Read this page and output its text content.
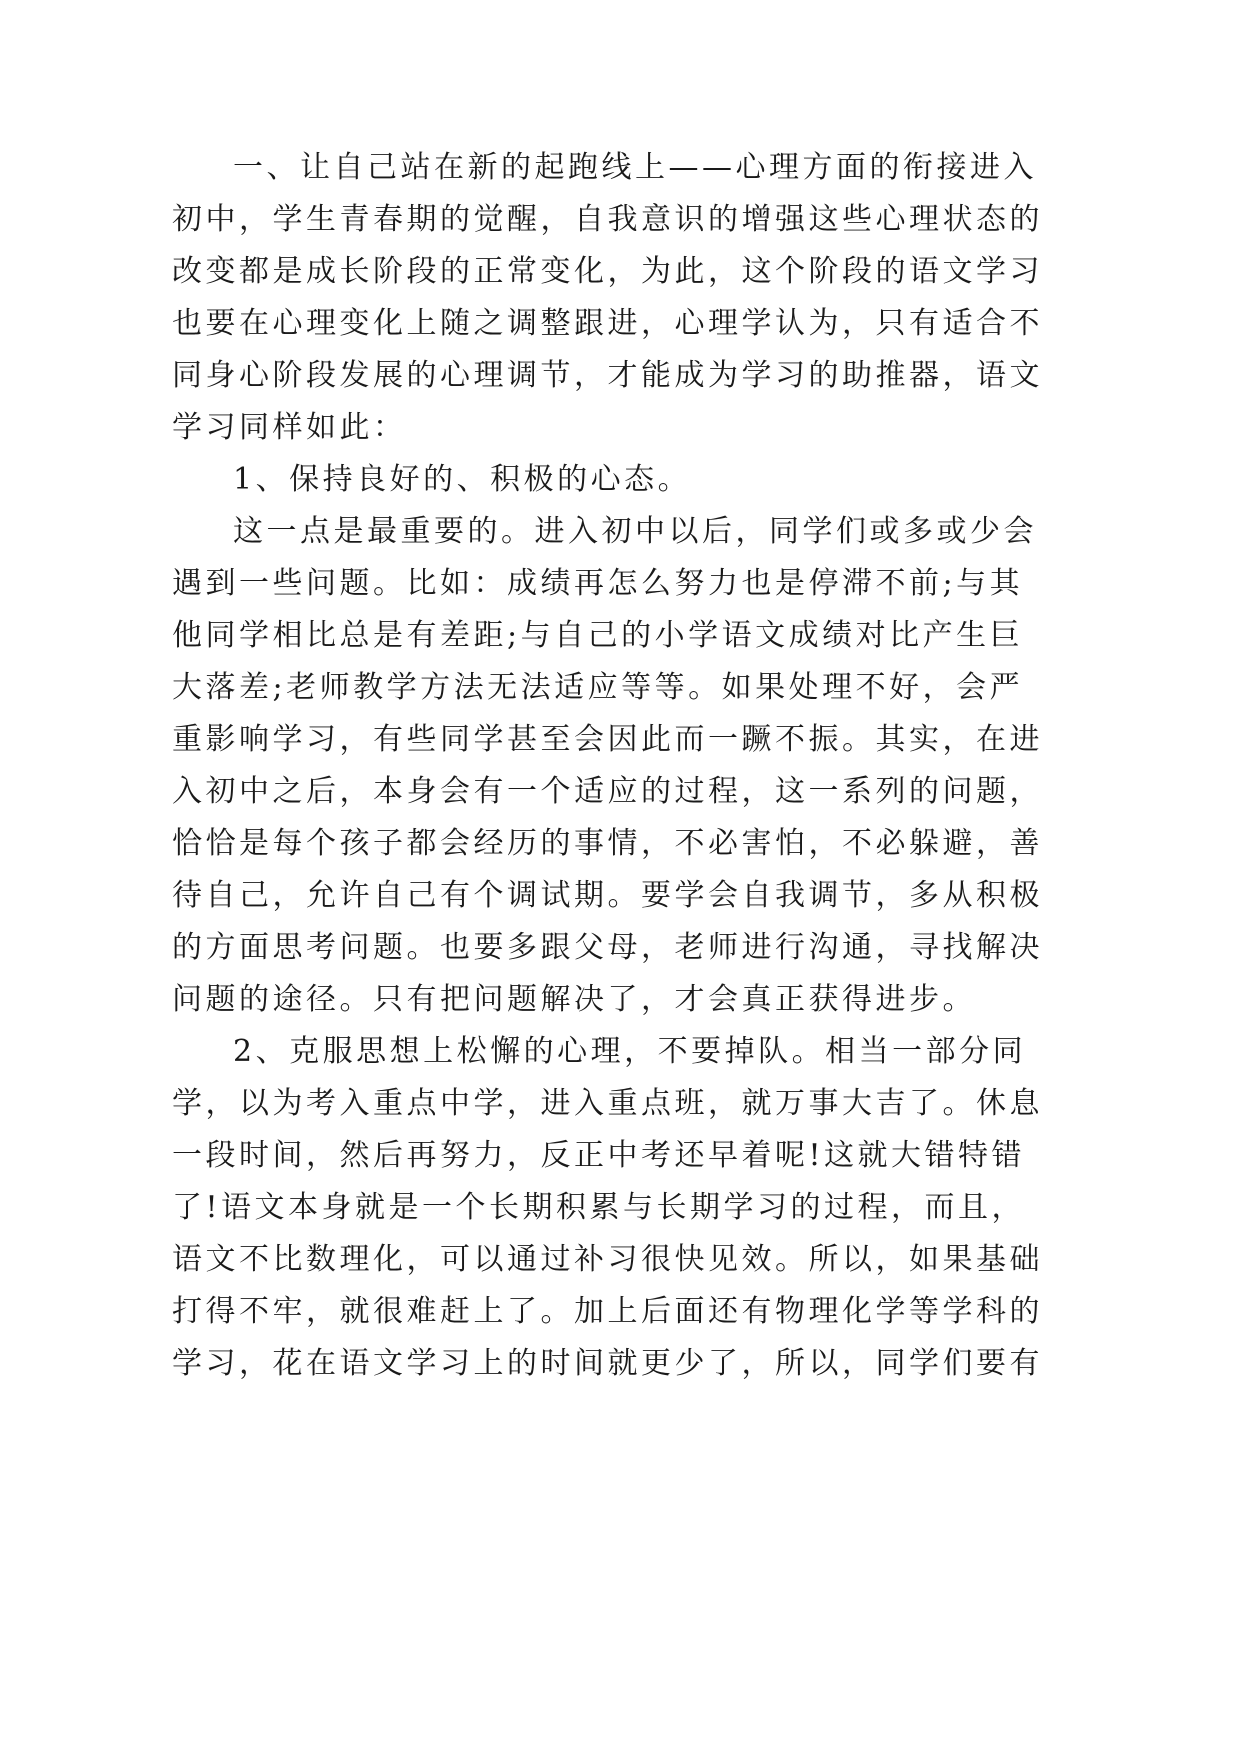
一、让自己站在新的起跑线上——心理方面的衔接进入
初中，学生青春期的觉醒，自我意识的增强这些心理状态的
改变都是成长阶段的正常变化，为此，这个阶段的语文学习
也要在心理变化上随之调整跟进，心理学认为，只有适合不
同身心阶段发展的心理调节，才能成为学习的助推器，语文
学习同样如此：
1、保持良好的、积极的心态。
这一点是最重要的。进入初中以后，同学们或多或少会
遇到一些问题。比如：成绩再怎么努力也是停滞不前;与其
他同学相比总是有差距;与自己的小学语文成绩对比产生巨
大落差;老师教学方法无法适应等等。如果处理不好，会严
重影响学习，有些同学甚至会因此而一蹶不振。其实，在进
入初中之后，本身会有一个适应的过程，这一系列的问题，
恰恰是每个孩子都会经历的事情，不必害怕，不必躲避，善
待自己，允许自己有个调试期。要学会自我调节，多从积极
的方面思考问题。也要多跟父母，老师进行沟通，寻找解决
问题的途径。只有把问题解决了，才会真正获得进步。
2、克服思想上松懈的心理，不要掉队。相当一部分同
学，以为考入重点中学，进入重点班，就万事大吉了。休息
一段时间，然后再努力，反正中考还早着呢!这就大错特错
了!语文本身就是一个长期积累与长期学习的过程，而且，
语文不比数理化，可以通过补习很快见效。所以，如果基础
打得不牢，就很难赶上了。加上后面还有物理化学等学科的
学习，花在语文学习上的时间就更少了，所以，同学们要有
